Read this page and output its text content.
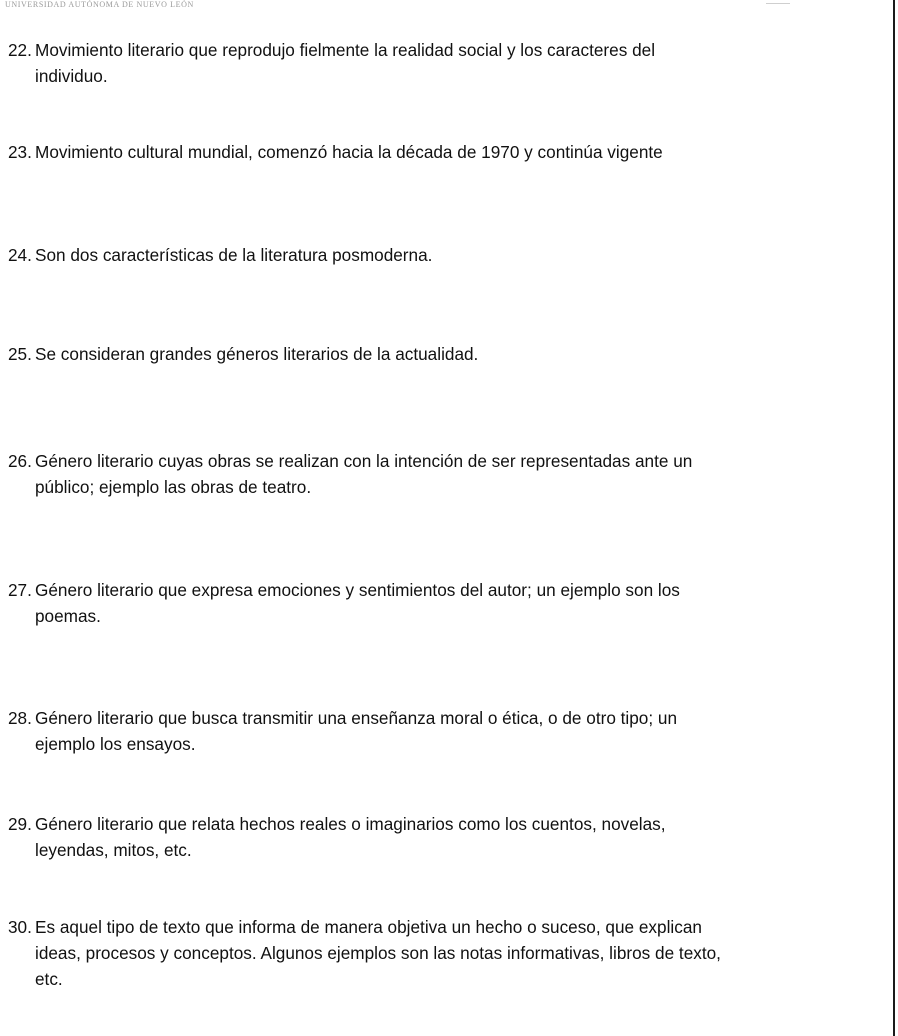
UNIVERSIDAD AUTÓNOMA DE NUEVO LEÓN
22. Movimiento literario que reprodujo fielmente la realidad social y los caracteres del
individuo.
23. Movimiento cultural mundial, comenzó hacia la década de 1970 y continúa vigente
24. Son dos características de la literatura posmoderna.
25. Se consideran grandes géneros literarios de la actualidad.
26. Género literario cuyas obras se realizan con la intención de ser representadas ante un
público; ejemplo las obras de teatro.
27. Género literario que expresa emociones y sentimientos del autor; un ejemplo son los
poemas.
28. Género literario que busca transmitir una enseñanza moral o ética, o de otro tipo; un
ejemplo los ensayos.
29. Género literario que relata hechos reales o imaginarios como los cuentos, novelas,
leyendas, mitos, etc.
30. Es aquel tipo de texto que informa de manera objetiva un hecho o suceso, que explican
ideas, procesos y conceptos. Algunos ejemplos son las notas informativas, libros de texto,
etc.
